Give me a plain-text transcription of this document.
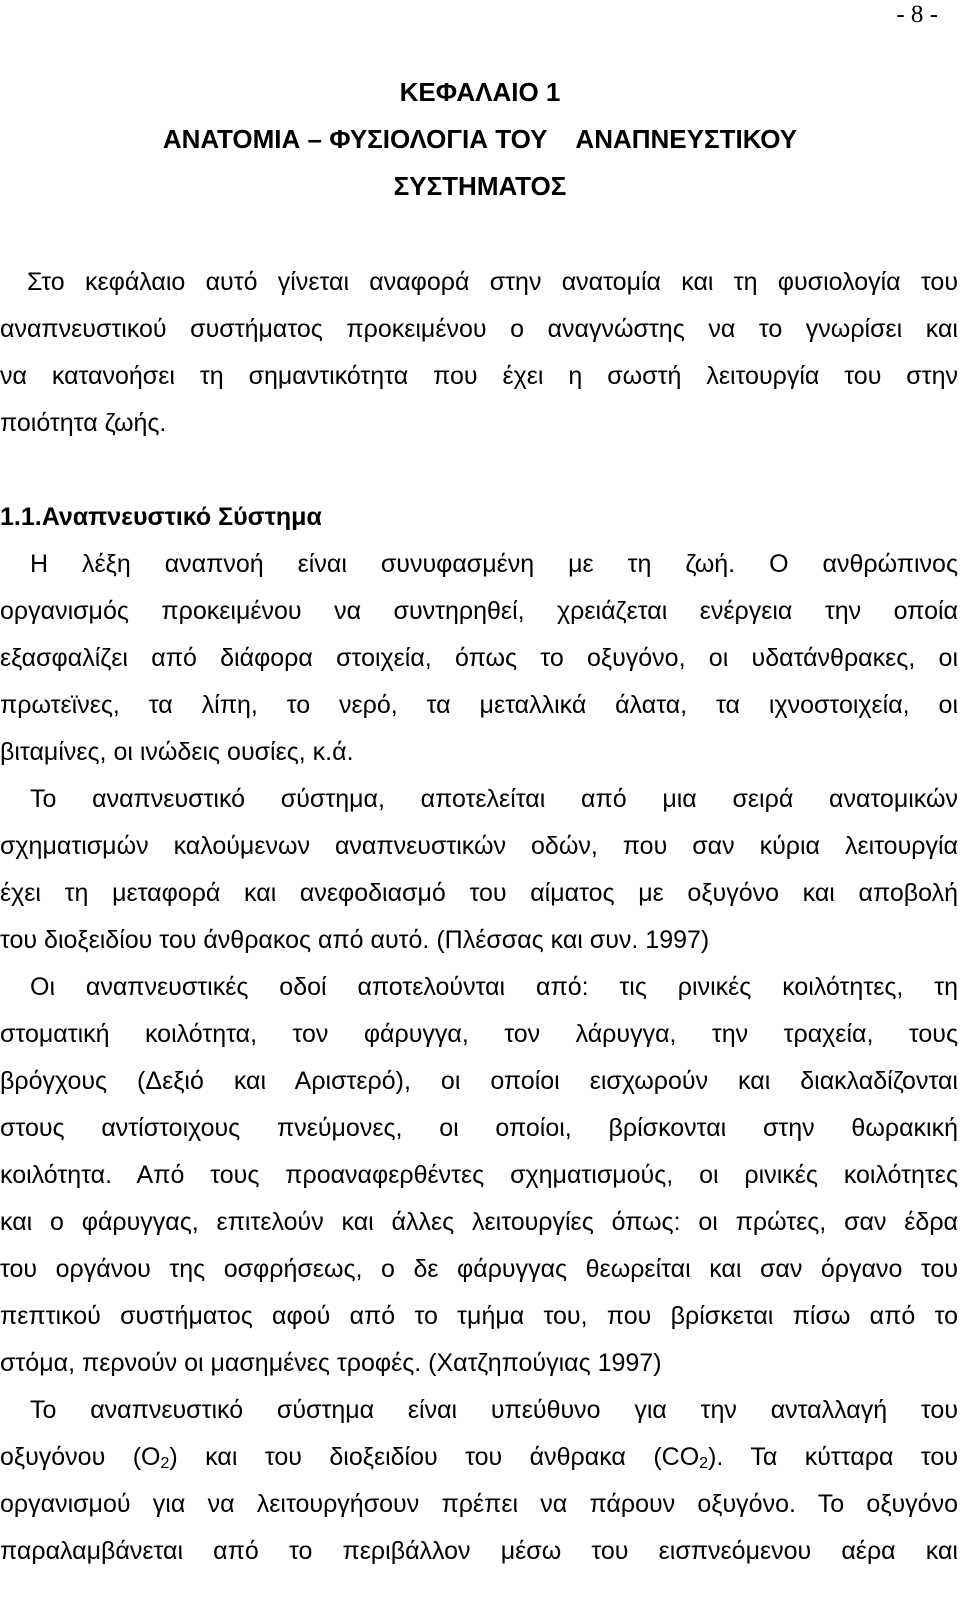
- 8 -
ΚΕΦΑΛΑΙΟ 1
ΑΝΑΤΟΜΙΑ – ΦΥΣΙΟΛΟΓΙΑ ΤΟΥ    ΑΝΑΠΝΕΥΣΤΙΚΟΥ
ΣΥΣΤΗΜΑΤΟΣ
Στο κεφάλαιο αυτό γίνεται αναφορά στην ανατομία και τη φυσιολογία του
αναπνευστικού συστήματος προκειμένου ο αναγνώστης να το γνωρίσει και
να κατανοήσει τη σημαντικότητα που έχει η σωστή λειτουργία του στην
ποιότητα ζωής.
1.1.Αναπνευστικό Σύστημα
Η λέξη αναπνοή είναι συνυφασμένη με τη ζωή. Ο ανθρώπινος
οργανισμός προκειμένου να συντηρηθεί, χρειάζεται ενέργεια την οποία
εξασφαλίζει από διάφορα στοιχεία, όπως το οξυγόνο, οι υδατάνθρακες, οι
πρωτεϊνες, τα λίπη, το νερό, τα μεταλλικά άλατα, τα ιχνοστοιχεία, οι
βιταμίνες, οι ινώδεις ουσίες, κ.ά.
Το αναπνευστικό σύστημα, αποτελείται από μια σειρά ανατομικών
σχηματισμών καλούμενων αναπνευστικών οδών, που σαν κύρια λειτουργία
έχει τη μεταφορά και ανεφοδιασμό του αίματος με οξυγόνο και αποβολή
του διοξειδίου του άνθρακος από αυτό. (Πλέσσας και συν. 1997)
Οι αναπνευστικές οδοί αποτελούνται από: τις ρινικές κοιλότητες, τη
στοματική κοιλότητα, τον φάρυγγα, τον λάρυγγα, την τραχεία, τους
βρόγχους (Δεξιό και Αριστερό), οι οποίοι εισχωρούν και διακλαδίζονται
στους αντίστοιχους πνεύμονες, οι οποίοι, βρίσκονται στην θωρακική
κοιλότητα. Από τους προαναφερθέντες σχηματισμούς, οι ρινικές κοιλότητες
και ο φάρυγγας, επιτελούν και άλλες λειτουργίες όπως: οι πρώτες, σαν έδρα
του οργάνου της οσφρήσεως, ο δε φάρυγγας θεωρείται και σαν όργανο του
πεπτικού συστήματος αφού από το τμήμα του, που βρίσκεται πίσω από το
στόμα, περνούν οι μασημένες τροφές. (Χατζηπούγιας 1997)
Το αναπνευστικό σύστημα είναι υπεύθυνο για την ανταλλαγή του
οξυγόνου $(O_2)$ και του διοξειδίου του άνθρακα $(CO_2)$. Τα κύτταρα του
οργανισμού για να λειτουργήσουν πρέπει να πάρουν οξυγόνο. Το οξυγόνο
παραλαμβάνεται από το περιβάλλον μέσω του εισπνεόμενου αέρα και
